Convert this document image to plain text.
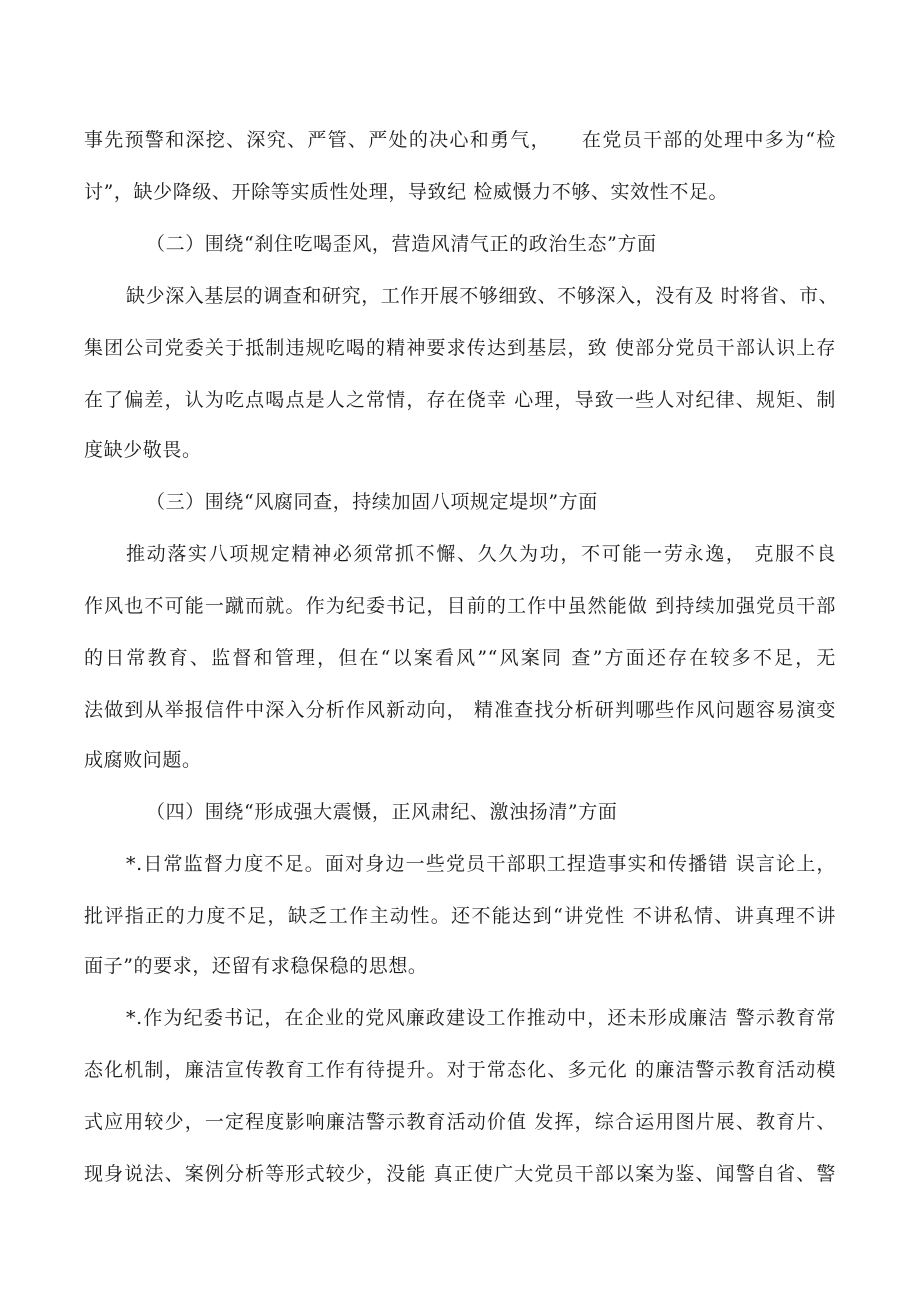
事先预警和深挖、深究、严管、严处的决心和勇气，　　在党员干部的处理中多为“检
讨”，缺少降级、开除等实质性处理，导致纪 检威慑力不够、实效性不足。
（二）围绕“刹住吃喝歪风，营造风清气正的政治生态”方面
缺少深入基层的调查和研究，工作开展不够细致、不够深入，没有及 时将省、市、
集团公司党委关于抵制违规吃喝的精神要求传达到基层，致 使部分党员干部认识上存
在了偏差，认为吃点喝点是人之常情，存在侥幸 心理，导致一些人对纪律、规矩、制
度缺少敬畏。
（三）围绕“风腐同查，持续加固八项规定堤坝”方面
推动落实八项规定精神必须常抓不懈、久久为功，不可能一劳永逸， 克服不良
作风也不可能一蹴而就。作为纪委书记，目前的工作中虽然能做 到持续加强党员干部
的日常教育、监督和管理，但在“以案看风”“风案同 查”方面还存在较多不足，无
法做到从举报信件中深入分析作风新动向， 精准查找分析研判哪些作风问题容易演变
成腐败问题。
（四）围绕“形成强大震慑，正风肃纪、激浊扬清”方面
*.日常监督力度不足。面对身边一些党员干部职工捏造事实和传播错 误言论上，
批评指正的力度不足，缺乏工作主动性。还不能达到“讲党性 不讲私情、讲真理不讲
面子”的要求，还留有求稳保稳的思想。
*.作为纪委书记，在企业的党风廉政建设工作推动中，还未形成廉洁 警示教育常
态化机制，廉洁宣传教育工作有待提升。对于常态化、多元化 的廉洁警示教育活动模
式应用较少，一定程度影响廉洁警示教育活动价值 发挥，综合运用图片展、教育片、
现身说法、案例分析等形式较少，没能 真正使广大党员干部以案为鉴、闻警自省、警
